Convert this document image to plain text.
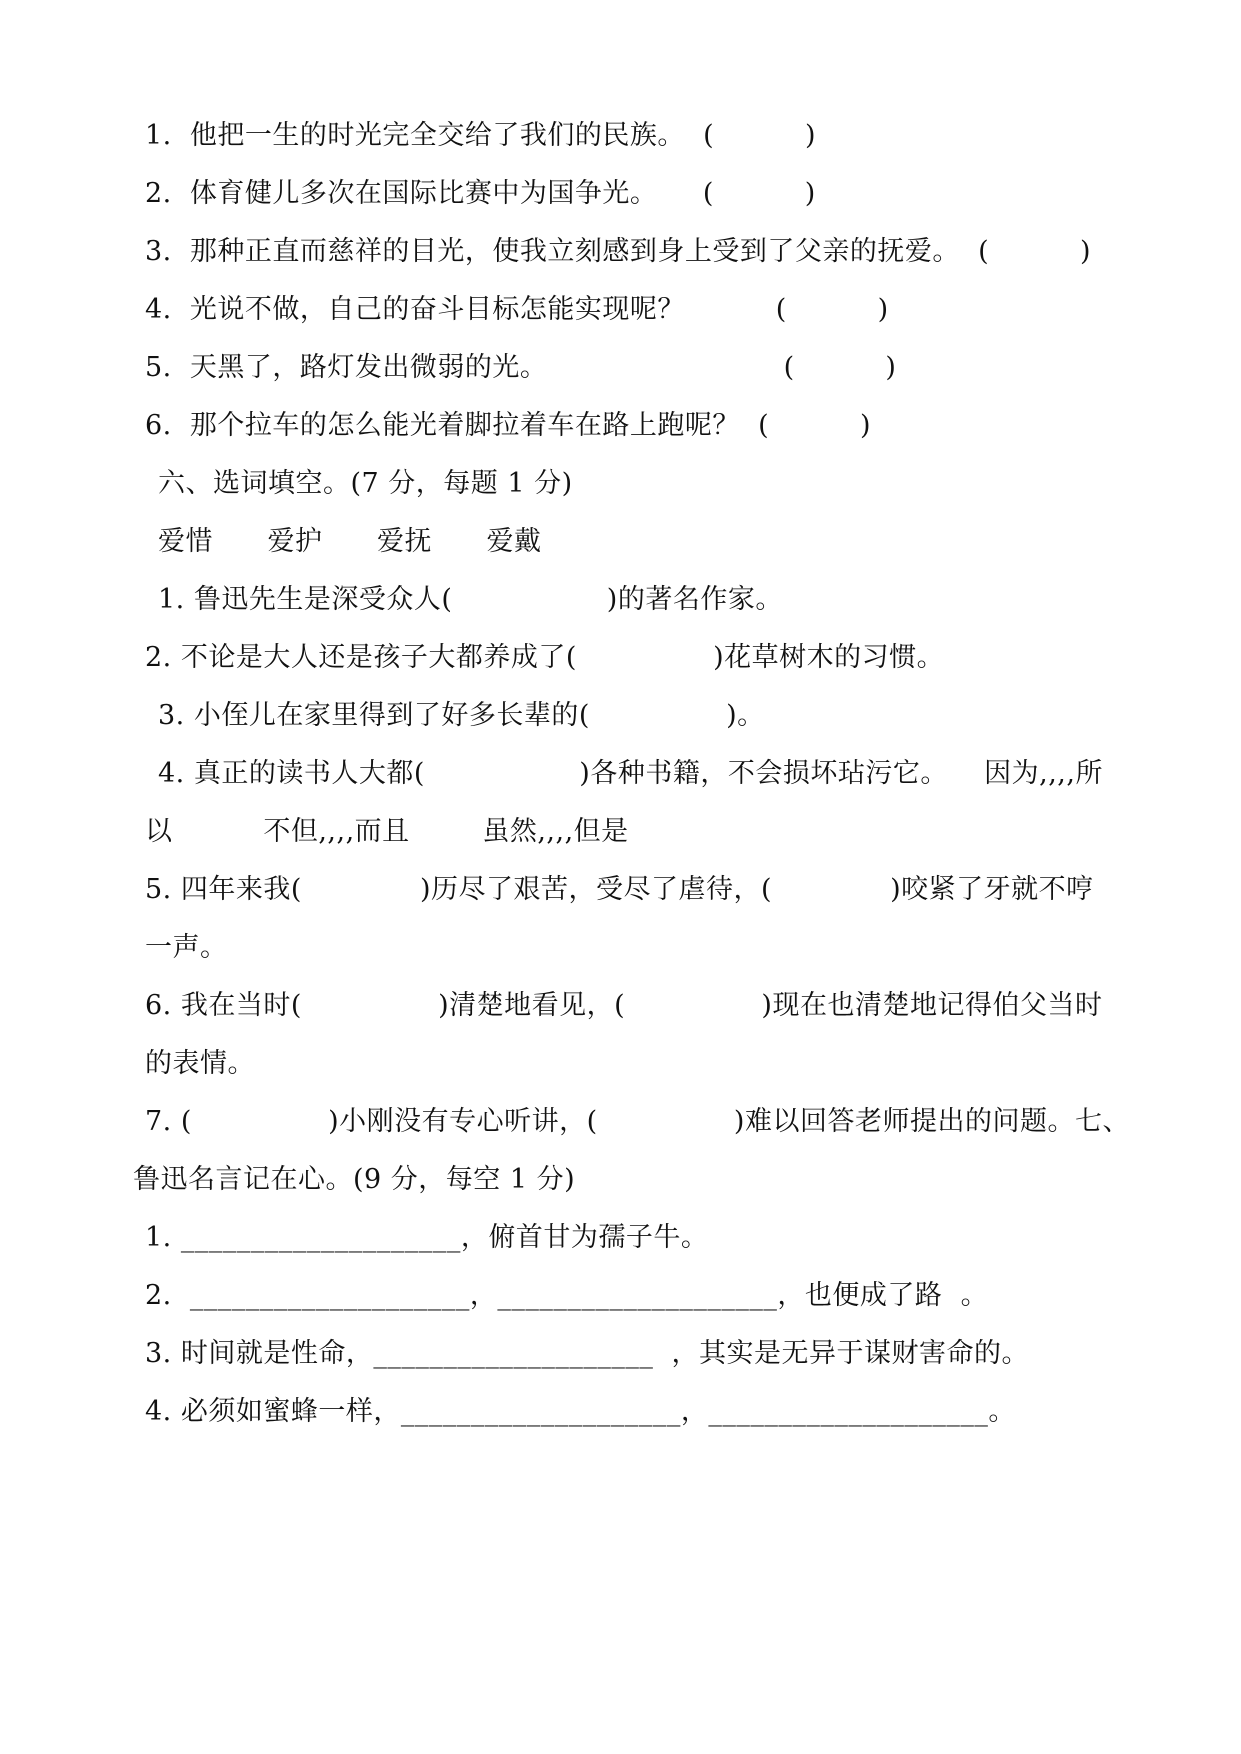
1.  他把一生的时光完全交给了我们的民族。  (          )
2.  体育健儿多次在国际比赛中为国争光。     (          )
3.  那种正直而慈祥的目光，使我立刻感到身上受到了父亲的抚爱。  (          )
4.  光说不做，自己的奋斗目标怎能实现呢？          (          )
5.  天黑了，路灯发出微弱的光。                          (          )
6.  那个拉车的怎么能光着脚拉着车在路上跑呢？  (          )
六、选词填空。(7 分，每题 1 分)
爱惜      爱护      爱抚      爱戴
1. 鲁迅先生是深受众人(                 )的著名作家。
2. 不论是大人还是孩子大都养成了(               )花草树木的习惯。
3. 小侄儿在家里得到了好多长辈的(               )。
4. 真正的读书人大都(                 )各种书籍，不会损坏玷污它。    因为,,,,所
以          不但,,,,而且        虽然,,,,但是
5. 四年来我(             )历尽了艰苦，受尽了虐待，(             )咬紧了牙就不哼
一声。
6. 我在当时(               )清楚地看见，(               )现在也清楚地记得伯父当时
的表情。
7. (               )小刚没有专心听讲，(               )难以回答老师提出的问题。七、
鲁迅名言记在心。(9 分，每空 1 分)
1. ____________________，俯首甘为孺子牛。
2.  ____________________，____________________，也便成了路  。
3. 时间就是性命，____________________  ，其实是无异于谋财害命的。
4. 必须如蜜蜂一样，____________________，____________________。
